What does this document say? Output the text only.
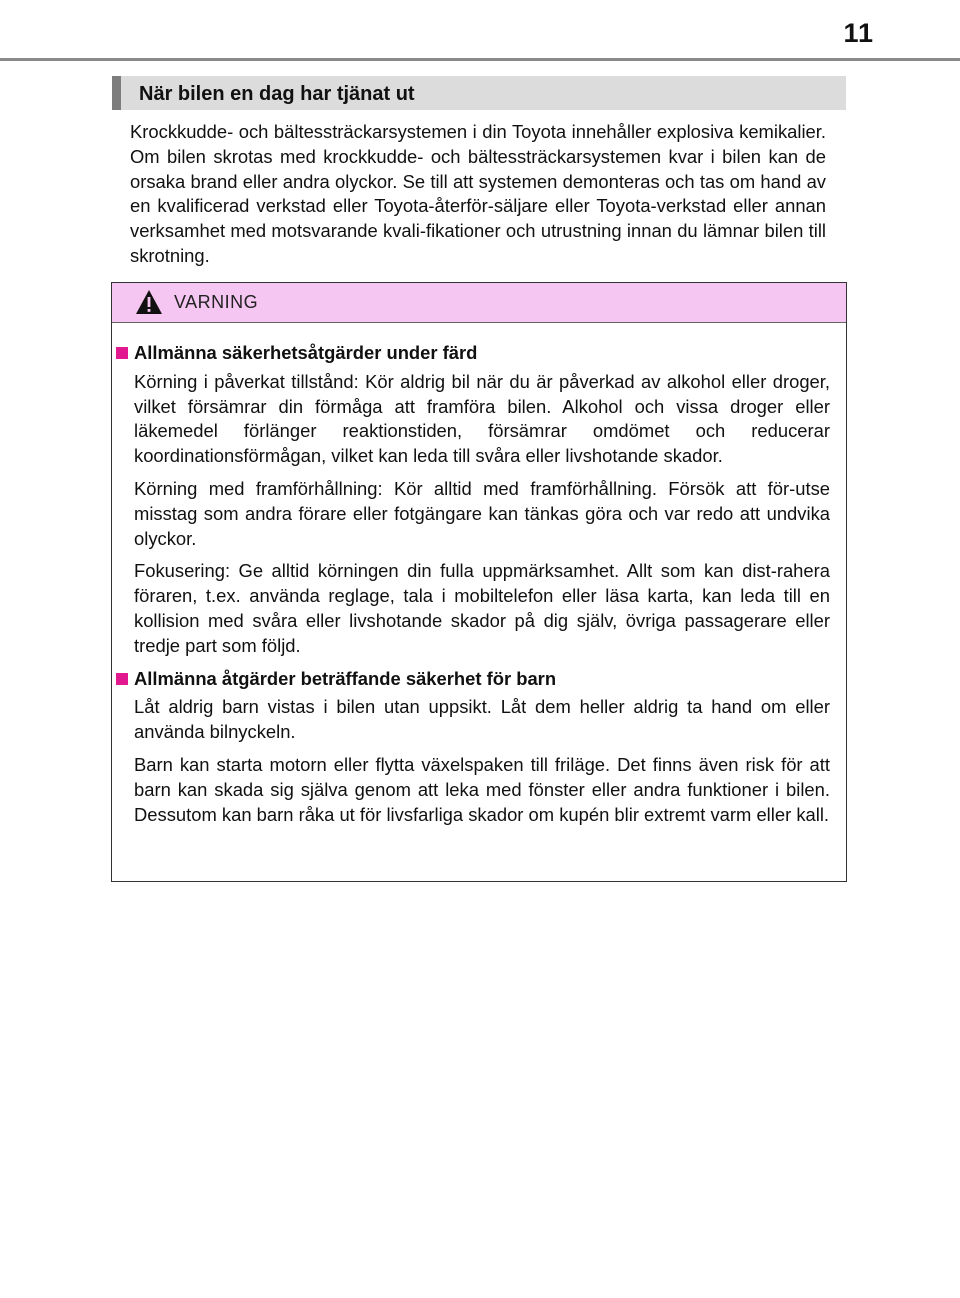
11
När bilen en dag har tjänat ut

Krockkudde- och bältessträckarsystemen i din Toyota innehåller explosiva kemikalier. Om bilen skrotas med krockkudde- och bältessträckarsystemen kvar i bilen kan de orsaka brand eller andra olyckor. Se till att systemen demonteras och tas om hand av en kvalificerad verkstad eller Toyota-återför-säljare eller Toyota-verkstad eller annan verksamhet med motsvarande kvali-fikationer och utrustning innan du lämnar bilen till skrotning.

VARNING
Allmänna säkerhetsåtgärder under färd

Körning i påverkat tillstånd: Kör aldrig bil när du är påverkad av alkohol eller droger, vilket försämrar din förmåga att framföra bilen. Alkohol och vissa droger eller läkemedel förlänger reaktionstiden, försämrar omdömet och reducerar koordinationsförmågan, vilket kan leda till svåra eller livshotande skador.

Körning med framförhållning: Kör alltid med framförhållning. Försök att för-utse misstag som andra förare eller fotgängare kan tänkas göra och var redo att undvika olyckor.

Fokusering: Ge alltid körningen din fulla uppmärksamhet. Allt som kan dist-rahera föraren, t.ex. använda reglage, tala i mobiltelefon eller läsa karta, kan leda till en kollision med svåra eller livshotande skador på dig själv, övriga passagerare eller tredje part som följd.

Allmänna åtgärder beträffande säkerhet för barn

Låt aldrig barn vistas i bilen utan uppsikt. Låt dem heller aldrig ta hand om eller använda bilnyckeln.

Barn kan starta motorn eller flytta växelspaken till friläge. Det finns även risk för att barn kan skada sig själva genom att leka med fönster eller andra funktioner i bilen. Dessutom kan barn råka ut för livsfarliga skador om kupén blir extremt varm eller kall.
